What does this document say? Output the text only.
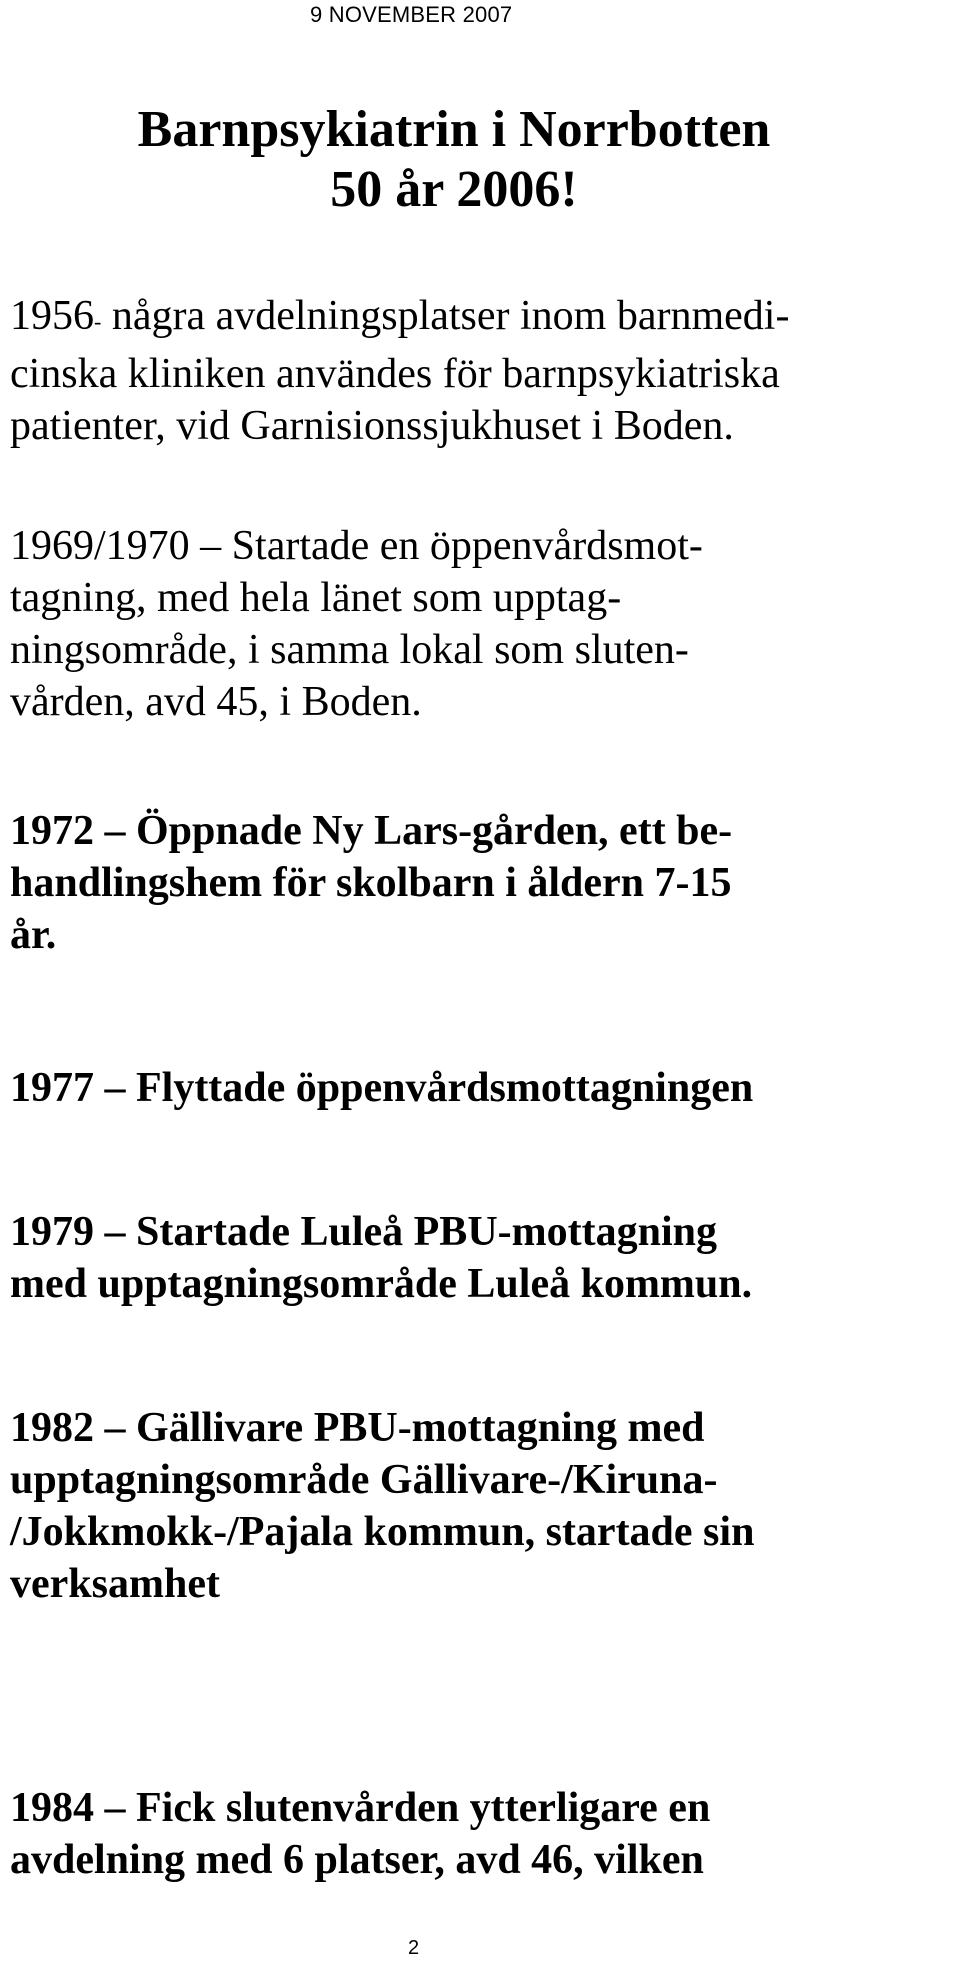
9 NOVEMBER 2007
Barnpsykiatrin i Norrbotten
50 år 2006!

1956- några avdelningsplatser inom barnmedi-
cinska kliniken användes för barnpsykiatriska
patienter, vid Garnisionssjukhuset i Boden.

1969/1970 – Startade en öppenvårdsmot-
tagning, med hela länet som upptag-
ningsområde, i samma lokal som sluten-
vården, avd 45, i Boden.

1972 – Öppnade Ny Lars-gården, ett be-
handlingshem för skolbarn i åldern 7-15
år.

1977 – Flyttade öppenvårdsmottagningen

1979 – Startade Luleå PBU-mottagning
med upptagningsområde Luleå kommun.

1982 – Gällivare PBU-mottagning med
upptagningsområde Gällivare-/Kiruna-
/Jokkmokk-/Pajala kommun, startade sin
verksamhet

1984 – Fick slutenvården ytterligare en
avdelning med 6 platser, avd 46, vilken

2
